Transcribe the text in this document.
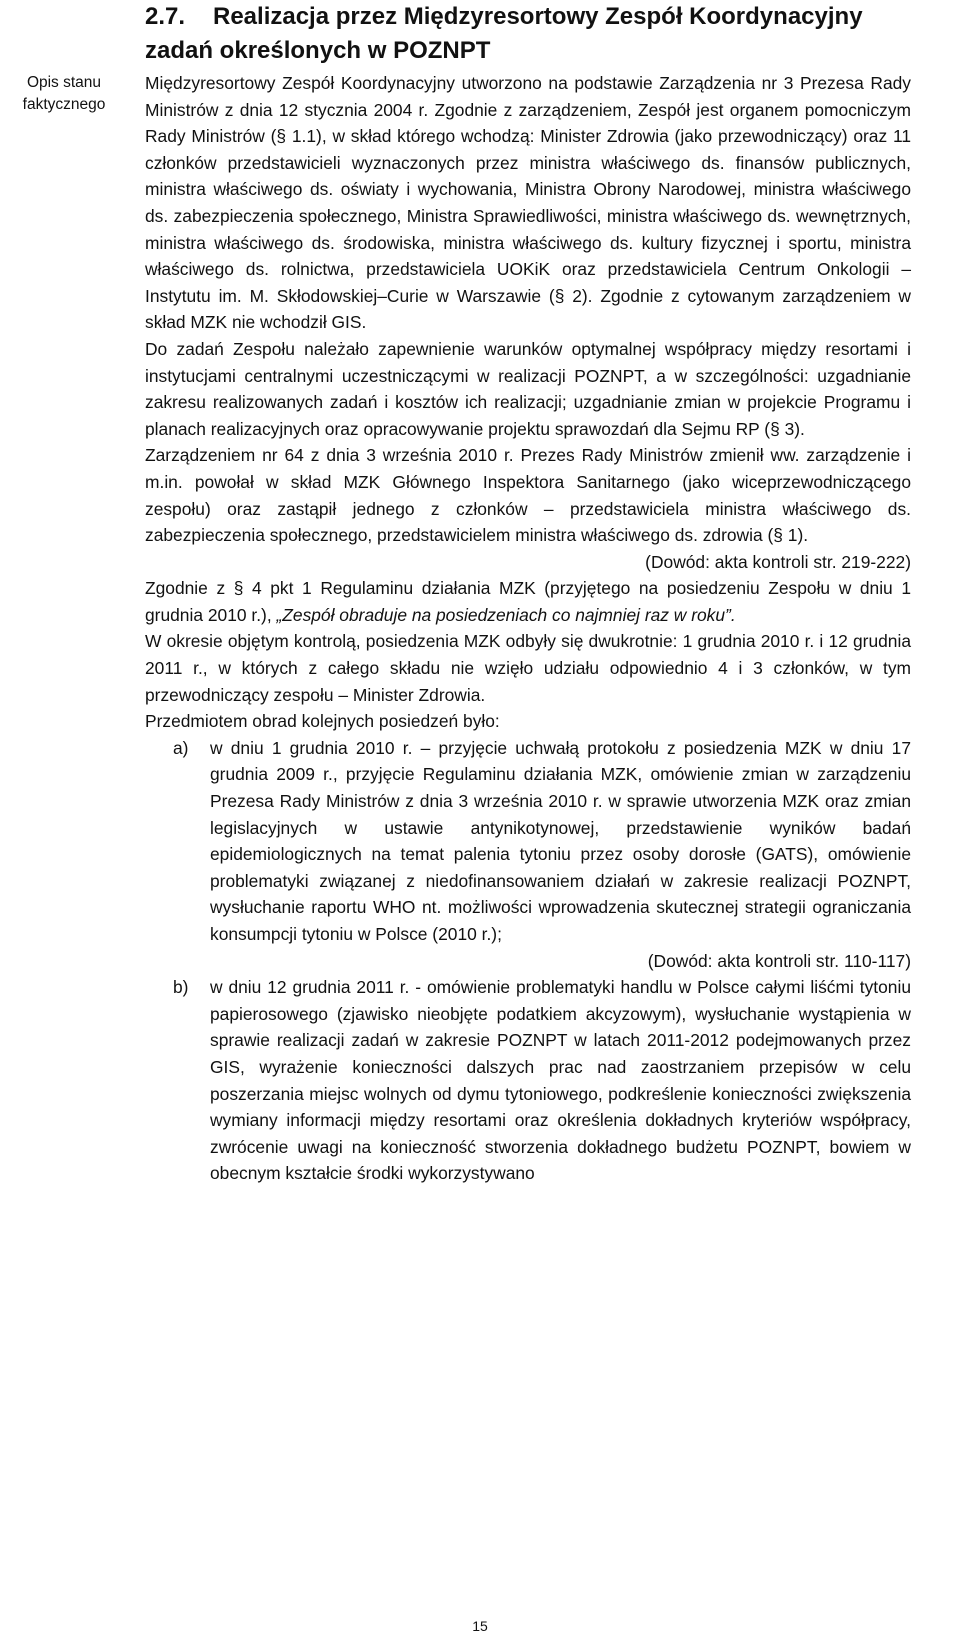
2.7. Realizacja przez Międzyresortowy Zespół Koordynacyjny zadań określonych w POZNPT
Opis stanu faktycznego

Międzyresortowy Zespół Koordynacyjny utworzono na podstawie Zarządzenia nr 3 Prezesa Rady Ministrów z dnia 12 stycznia 2004 r. Zgodnie z zarządzeniem, Zespół jest organem pomocniczym Rady Ministrów (§ 1.1), w skład którego wchodzą: Minister Zdrowia (jako przewodniczący) oraz 11 członków przedstawicieli wyznaczonych przez ministra właściwego ds. finansów publicznych, ministra właściwego ds. oświaty i wychowania, Ministra Obrony Narodowej, ministra właściwego ds. zabezpieczenia społecznego, Ministra Sprawiedliwości, ministra właściwego ds. wewnętrznych, ministra właściwego ds. środowiska, ministra właściwego ds. kultury fizycznej i sportu, ministra właściwego ds. rolnictwa, przedstawiciela UOKiK oraz przedstawiciela Centrum Onkologii – Instytutu im. M. Skłodowskiej–Curie w Warszawie (§ 2). Zgodnie z cytowanym zarządzeniem w skład MZK nie wchodził GIS.

Do zadań Zespołu należało zapewnienie warunków optymalnej współpracy między resortami i instytucjami centralnymi uczestniczącymi w realizacji POZNPT, a w szczególności: uzgadnianie zakresu realizowanych zadań i kosztów ich realizacji; uzgadnianie zmian w projekcie Programu i planach realizacyjnych oraz opracowywanie projektu sprawozdań dla Sejmu RP (§ 3).

Zarządzeniem nr 64 z dnia 3 września 2010 r. Prezes Rady Ministrów zmienił ww. zarządzenie i m.in. powołał w skład MZK Głównego Inspektora Sanitarnego (jako wiceprzewodniczącego zespołu) oraz zastąpił jednego z członków – przedstawiciela ministra właściwego ds. zabezpieczenia społecznego, przedstawicielem ministra właściwego ds. zdrowia (§ 1).

(Dowód: akta kontroli str. 219-222)

Zgodnie z § 4 pkt 1 Regulaminu działania MZK (przyjętego na posiedzeniu Zespołu w dniu 1 grudnia 2010 r.), „Zespół obraduje na posiedzeniach co najmniej raz w roku”.

W okresie objętym kontrolą, posiedzenia MZK odbyły się dwukrotnie: 1 grudnia 2010 r. i 12 grudnia 2011 r., w których z całego składu nie wzięło udziału odpowiednio 4 i 3 członków, w tym przewodniczący zespołu – Minister Zdrowia.

Przedmiotem obrad kolejnych posiedzeń było:

a)	w dniu 1 grudnia 2010 r. – przyjęcie uchwałą protokołu z posiedzenia MZK w dniu 17 grudnia 2009 r., przyjęcie Regulaminu działania MZK, omówienie zmian w zarządzeniu Prezesa Rady Ministrów z dnia 3 września 2010 r. w sprawie utworzenia MZK oraz zmian legislacyjnych w ustawie antynikotynowej, przedstawienie wyników badań epidemiologicznych na temat palenia tytoniu przez osoby dorosłe (GATS), omówienie problematyki związanej z niedofinansowaniem działań w zakresie realizacji POZNPT, wysłuchanie raportu WHO nt. możliwości wprowadzenia skutecznej strategii ograniczania konsumpcji tytoniu w Polsce (2010 r.);

(Dowód: akta kontroli str. 110-117)

b)	w dniu 12 grudnia 2011 r. - omówienie problematyki handlu w Polsce całymi liśćmi tytoniu papierosowego (zjawisko nieobjęte podatkiem akcyzowym), wysłuchanie wystąpienia w sprawie realizacji zadań w zakresie POZNPT w latach 2011-2012 podejmowanych przez GIS, wyrażenie konieczności dalszych prac nad zaostrzaniem przepisów w celu poszerzania miejsc wolnych od dymu tytoniowego, podkreślenie konieczności zwiększenia wymiany informacji między resortami oraz określenia dokładnych kryteriów współpracy, zwrócenie uwagi na konieczność stworzenia dokładnego budżetu POZNPT, bowiem w obecnym kształcie środki wykorzystywano
15
